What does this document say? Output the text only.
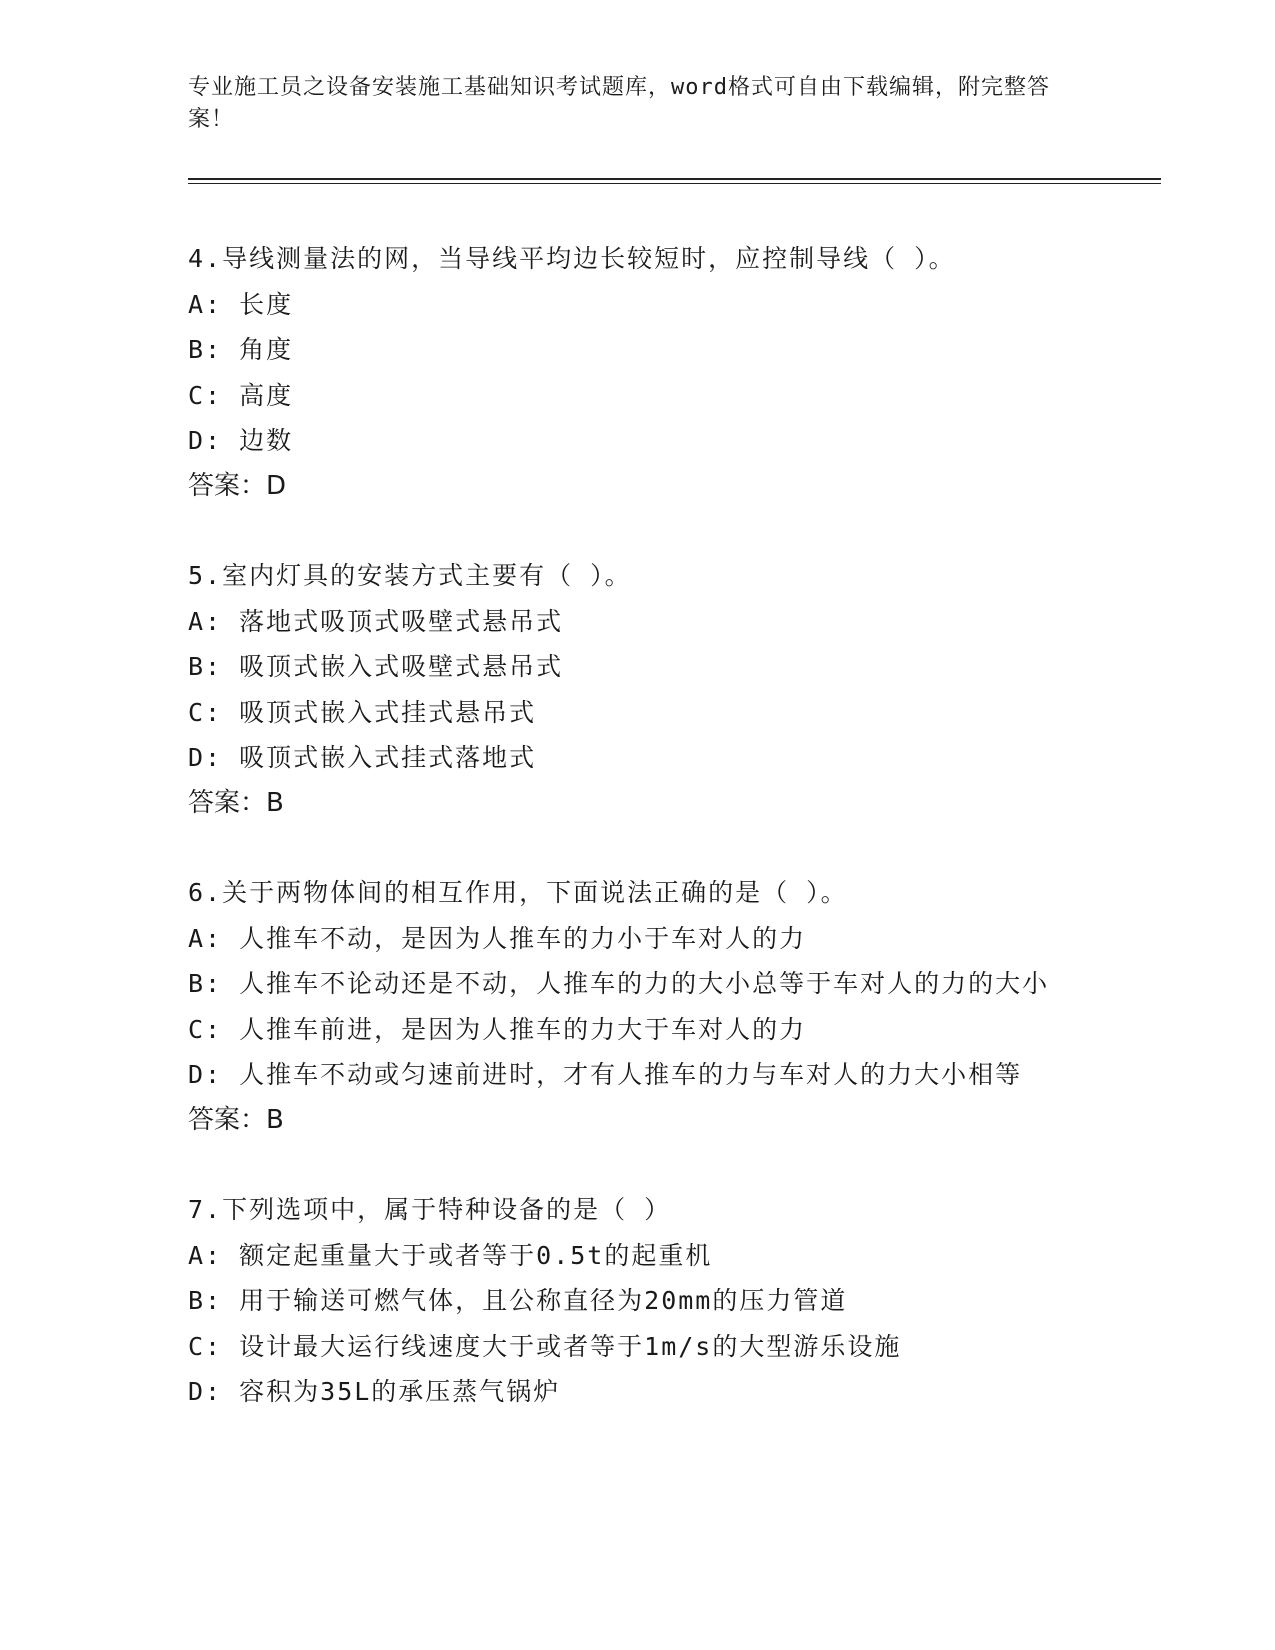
专业施工员之设备安装施工基础知识考试题库，word格式可自由下载编辑，附完整答案！
4.导线测量法的网，当导线平均边长较短时，应控制导线（ ）。
A: 长度
B: 角度
C: 高度
D: 边数
答案：D
5.室内灯具的安装方式主要有（ ）。
A: 落地式吸顶式吸壁式悬吊式
B: 吸顶式嵌入式吸壁式悬吊式
C: 吸顶式嵌入式挂式悬吊式
D: 吸顶式嵌入式挂式落地式
答案：B
6.关于两物体间的相互作用，下面说法正确的是（ ）。
A: 人推车不动，是因为人推车的力小于车对人的力
B: 人推车不论动还是不动，人推车的力的大小总等于车对人的力的大小
C: 人推车前进，是因为人推车的力大于车对人的力
D: 人推车不动或匀速前进时，才有人推车的力与车对人的力大小相等
答案：B
7.下列选项中，属于特种设备的是（ ）
A: 额定起重量大于或者等于0.5t的起重机
B: 用于输送可燃气体，且公称直径为20mm的压力管道
C: 设计最大运行线速度大于或者等于1m/s的大型游乐设施
D: 容积为35L的承压蒸气锅炉
